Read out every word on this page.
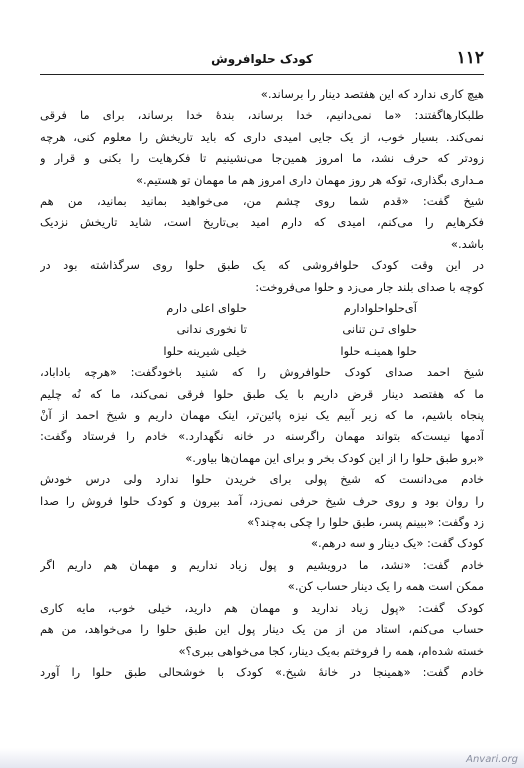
۱۱۲
کودک حلوافروش
هیچ کاری ندارد که این هفتصد دینار را برساند.»
طلبکارهاگفتند: «ما نمی‌دانیم، خدا برساند، بندهٔ خدا برساند، برای ما فرقی
نمی‌کند. بسیار خوب، از یک جایی امیدی داری که باید تاریخش را معلوم کنی، هرچه
زودتر که حرف نشد، ما امروز همین‌جا می‌نشینیم تا فکرهایت را بکنی و قرار و
مـداری بگذاری، توکه هر روز مهمان داری امروز هم ما مهمان تو هستیم.»
شیخ گفت: «قدم شما روی چشم من، می‌خواهید بمانید بمانید، من هم
فکرهایم را می‌کنم، امیدی که دارم امید بی‌تاریخ است، شاید تاریخش نزدیک
باشد.»
در این وقت کودک حلوافروشی که یک طبق حلوا روی سرگذاشته بود در
کوچه با صدای بلند جار می‌زد و حلوا می‌فروخت:
آی‌حلواحلوادارم
حلوای اعلی دارم
حلوای تـن تنانی
تا نخوری ندانی
حلوا همینـه حلوا
خیلی شیرینه حلوا
شیخ احمد صدای کودک حلوافروش را که شنید باخودگفت: «هرچه باداباد،
ما که هفتصد دینار قرض داریم با یک طبق حلوا فرقی نمی‌کند، ما که نُه چلیم
پنجاه باشیم، ما که زیر آبیم یک نیزه پائین‌تر، اینک مهمان داریم و شیخ احمد از آنْ
آدمها نیست‌که بتواند مهمان راگرسنه در خانه نگهدارد.» خادم را فرستاد وگفت:
«برو طبق حلوا را از این کودک بخر و برای این مهمان‌ها بیاور.»
خادم می‌دانست که شیخ پولی برای خریدن حلوا ندارد ولی درس خودش
را روان بود و روی حرف شیخ حرفی نمی‌زد، آمد بیرون و کودک حلوا فروش را صدا
زد وگفت: «ببینم پسر، طبق حلوا را چکی به‌چند؟»
کودک گفت: «یک دینار و سه درهم.»
خادم گفت: «نشد، ما درویشیم و پول زیاد نداریم و مهمان هم داریم اگر
ممکن است همه را یک دینار حساب کن.»
کودک گفت: «پول زیاد ندارید و مهمان هم دارید، خیلی خوب، مایه کاری
حساب می‌کنم، استاد من از من یک دینار پول این طبق حلوا را می‌خواهد، من هم
خسته شده‌ام، همه را فروختم به‌یک دینار، کجا می‌خواهی ببری؟»
خادم گفت: «همینجا در خانهٔ شیخ.» کودک با خوشحالی طبق حلوا را آورد
Anvari.org
